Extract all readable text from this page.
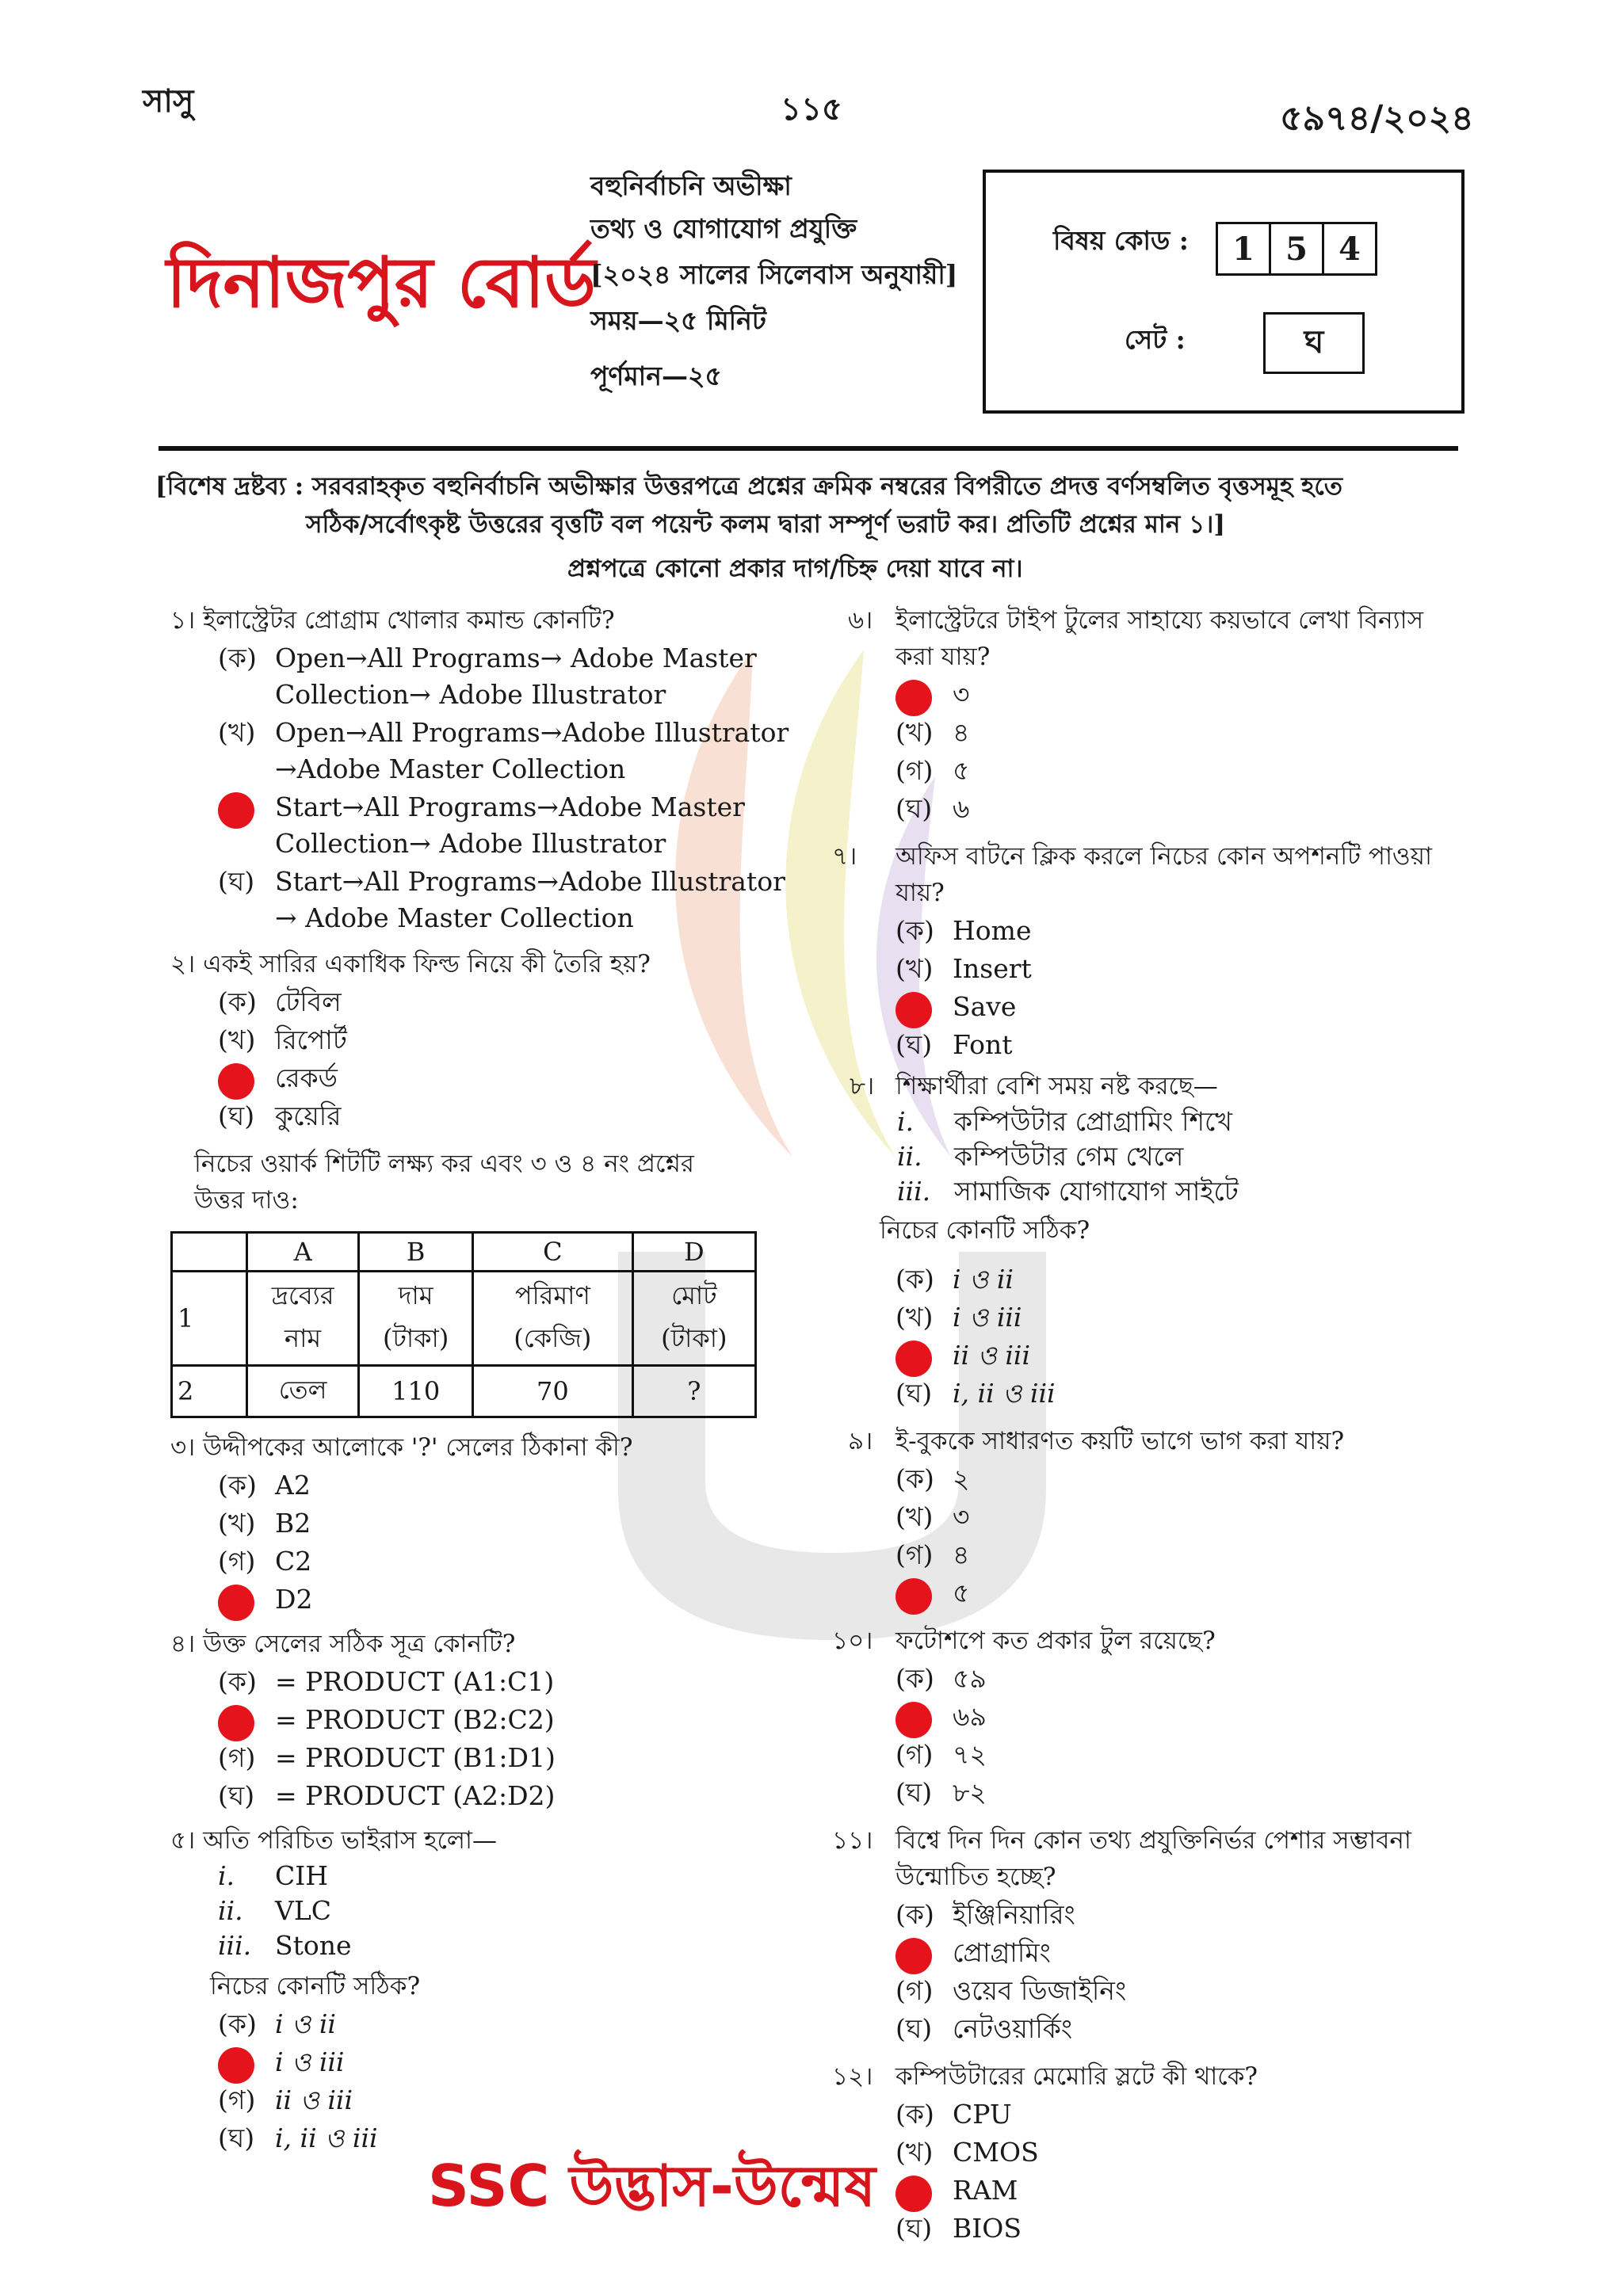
সাসু	১১৫	৫৯৭৪/২০২৪
দিনাজপুর বোর্ড
বহুনির্বাচনি অভীক্ষা
তথ্য ও যোগাযোগ প্রযুক্তি
[২০২৪ সালের সিলেবাস অনুযায়ী]
সময়—২৫ মিনিট
পূর্ণমান—২৫
বিষয় কোড :	1 5 4
সেট :	ঘ
[বিশেষ দ্রষ্টব্য : সরবরাহকৃত বহুনির্বাচনি অভীক্ষার উত্তরপত্রে প্রশ্নের ক্রমিক নম্বরের বিপরীতে প্রদত্ত বর্ণসম্বলিত বৃত্তসমূহ হতে
সঠিক/সর্বোৎকৃষ্ট উত্তরের বৃত্তটি বল পয়েন্ট কলম দ্বারা সম্পূর্ণ ভরাট কর। প্রতিটি প্রশ্নের মান ১।]
প্রশ্নপত্রে কোনো প্রকার দাগ/চিহ্ন দেয়া যাবে না।
১। ইলাস্ট্রেটর প্রোগ্রাম খোলার কমান্ড কোনটি?
(ক) Open→All Programs→ Adobe Master
Collection→ Adobe Illustrator
(খ) Open→All Programs→Adobe Illustrator
→Adobe Master Collection
Start→All Programs→Adobe Master
Collection→ Adobe Illustrator
(ঘ) Start→All Programs→Adobe Illustrator
→ Adobe Master Collection
২। একই সারির একাধিক ফিল্ড নিয়ে কী তৈরি হয়?
(ক) টেবিল
(খ) রিপোর্ট
রেকর্ড
(ঘ) কুয়েরি
নিচের ওয়ার্ক শিটটি লক্ষ্য কর এবং ৩ ও ৪ নং প্রশ্নের
উত্তর দাও:
	A	B	C	D
1	দ্রব্যের নাম	দাম (টাকা)	পরিমাণ (কেজি)	মোট (টাকা)
2	তেল	110	70	?
৩। উদ্দীপকের আলোকে '?' সেলের ঠিকানা কী?
(ক) A2
(খ) B2
(গ) C2
D2
৪। উক্ত সেলের সঠিক সূত্র কোনটি?
(ক) = PRODUCT (A1:C1)
= PRODUCT (B2:C2)
(গ) = PRODUCT (B1:D1)
(ঘ) = PRODUCT (A2:D2)
৫। অতি পরিচিত ভাইরাস হলো—
i. CIH
ii. VLC
iii. Stone
নিচের কোনটি সঠিক?
(ক) i ও ii
i ও iii
(গ) ii ও iii
(ঘ) i, ii ও iii
৬। ইলাস্ট্রেটরে টাইপ টুলের সাহায্যে কয়ভাবে লেখা বিন্যাস
করা যায়?
৩
(খ) ৪
(গ) ৫
(ঘ) ৬
৭। অফিস বাটনে ক্লিক করলে নিচের কোন অপশনটি পাওয়া
যায়?
(ক) Home
(খ) Insert
Save
(ঘ) Font
৮। শিক্ষার্থীরা বেশি সময় নষ্ট করছে—
i. কম্পিউটার প্রোগ্রামিং শিখে
ii. কম্পিউটার গেম খেলে
iii. সামাজিক যোগাযোগ সাইটে
নিচের কোনটি সঠিক?
(ক) i ও ii
(খ) i ও iii
ii ও iii
(ঘ) i, ii ও iii
৯। ই-বুককে সাধারণত কয়টি ভাগে ভাগ করা যায়?
(ক) ২
(খ) ৩
(গ) ৪
৫
১০। ফটোশপে কত প্রকার টুল রয়েছে?
(ক) ৫৯
৬৯
(গ) ৭২
(ঘ) ৮২
১১। বিশ্বে দিন দিন কোন তথ্য প্রযুক্তিনির্ভর পেশার সম্ভাবনা
উন্মোচিত হচ্ছে?
(ক) ইঞ্জিনিয়ারিং
প্রোগ্রামিং
(গ) ওয়েব ডিজাইনিং
(ঘ) নেটওয়ার্কিং
১২। কম্পিউটারের মেমোরি স্লটে কী থাকে?
(ক) CPU
(খ) CMOS
RAM
(ঘ) BIOS
SSC উদ্ভাস-উন্মেষ
